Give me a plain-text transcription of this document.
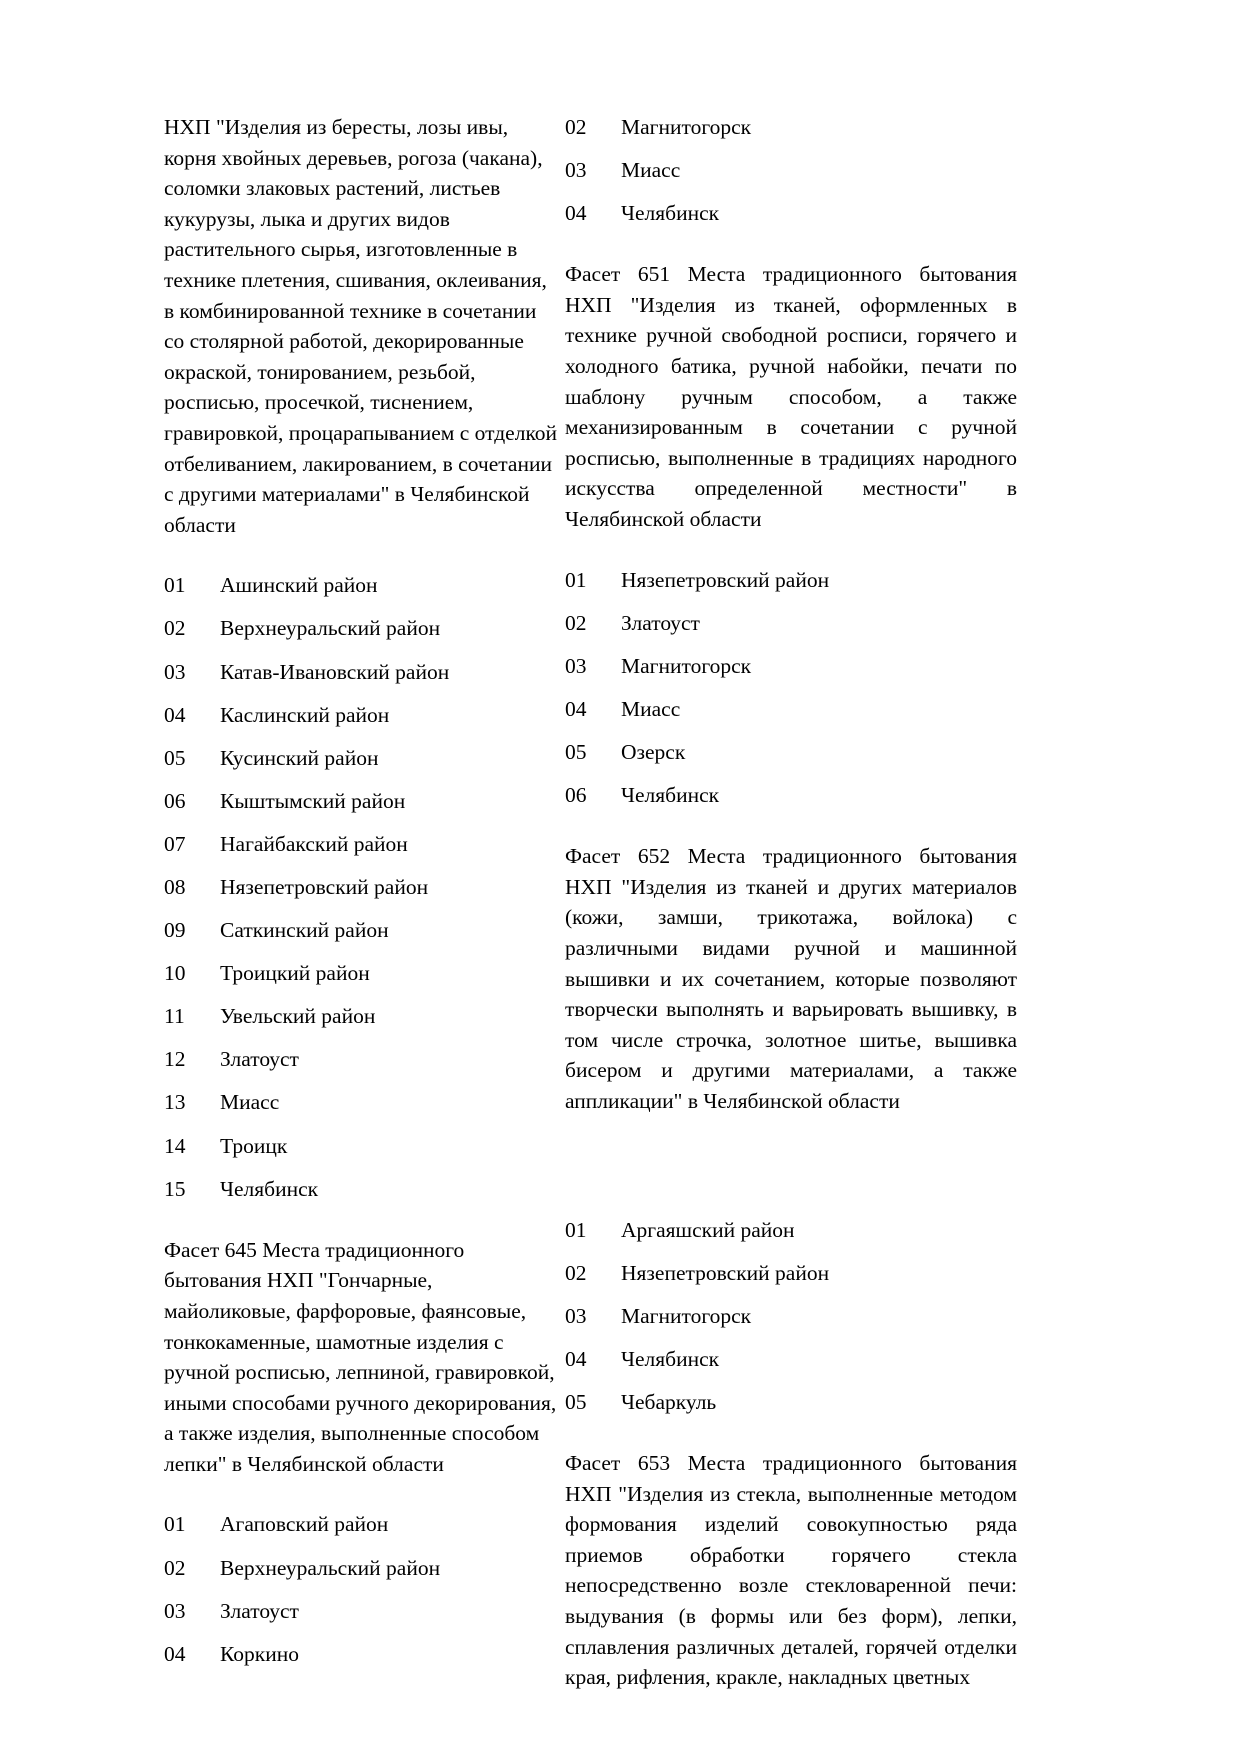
НХП "Изделия из бересты, лозы ивы, корня хвойных деревьев, рогоза (чакана), соломки злаковых растений, листьев кукурузы, лыка и других видов растительного сырья, изготовленные в технике плетения, сшивания, оклеивания, в комбинированной технике в сочетании со столярной работой, декорированные окраской, тонированием, резьбой, росписью, просечкой, тиснением, гравировкой, процарапыванием с отделкой отбеливанием, лакированием, в сочетании с другими материалами" в Челябинской области

01	Ашинский район
02	Верхнеуральский район
03	Катав-Ивановский район
04	Каслинский район
05	Кусинский район
06	Кыштымский район
07	Нагайбакский район
08	Нязепетровский район
09	Саткинский район
10	Троицкий район
11	Увельский район
12	Златоуст
13	Миасс
14	Троицк
15	Челябинск

Фасет 645 Места традиционного бытования НХП "Гончарные, майоликовые, фарфоровые, фаянсовые, тонкокаменные, шамотные изделия с ручной росписью, лепниной, гравировкой, иными способами ручного декорирования, а также изделия, выполненные способом лепки" в Челябинской области

01	Агаповский район
02	Верхнеуральский район
03	Златоуст
04	Коркино
02	Магнитогорск
03	Миасс
04	Челябинск

Фасет 651 Места традиционного бытования НХП "Изделия из тканей, оформленных в технике ручной свободной росписи, горячего и холодного батика, ручной набойки, печати по шаблону ручным способом, а также механизированным в сочетании с ручной росписью, выполненные в традициях народного искусства определенной местности" в Челябинской области

01	Нязепетровский район
02	Златоуст
03	Магнитогорск
04	Миасс
05	Озерск
06	Челябинск

Фасет 652 Места традиционного бытования НХП "Изделия из тканей и других материалов (кожи, замши, трикотажа, войлока) с различными видами ручной и машинной вышивки и их сочетанием, которые позволяют творчески выполнять и варьировать вышивку, в том числе строчка, золотное шитье, вышивка бисером и другими материалами, а также аппликации" в Челябинской области

01	Аргаяшский район
02	Нязепетровский район
03	Магнитогорск
04	Челябинск
05	Чебаркуль

Фасет 653 Места традиционного бытования НХП "Изделия из стекла, выполненные методом формования изделий совокупностью ряда приемов обработки горячего стекла непосредственно возле стекловаренной печи: выдувания (в формы или без форм), лепки, сплавления различных деталей, горячей отделки края, рифления, кракле, накладных цветных
